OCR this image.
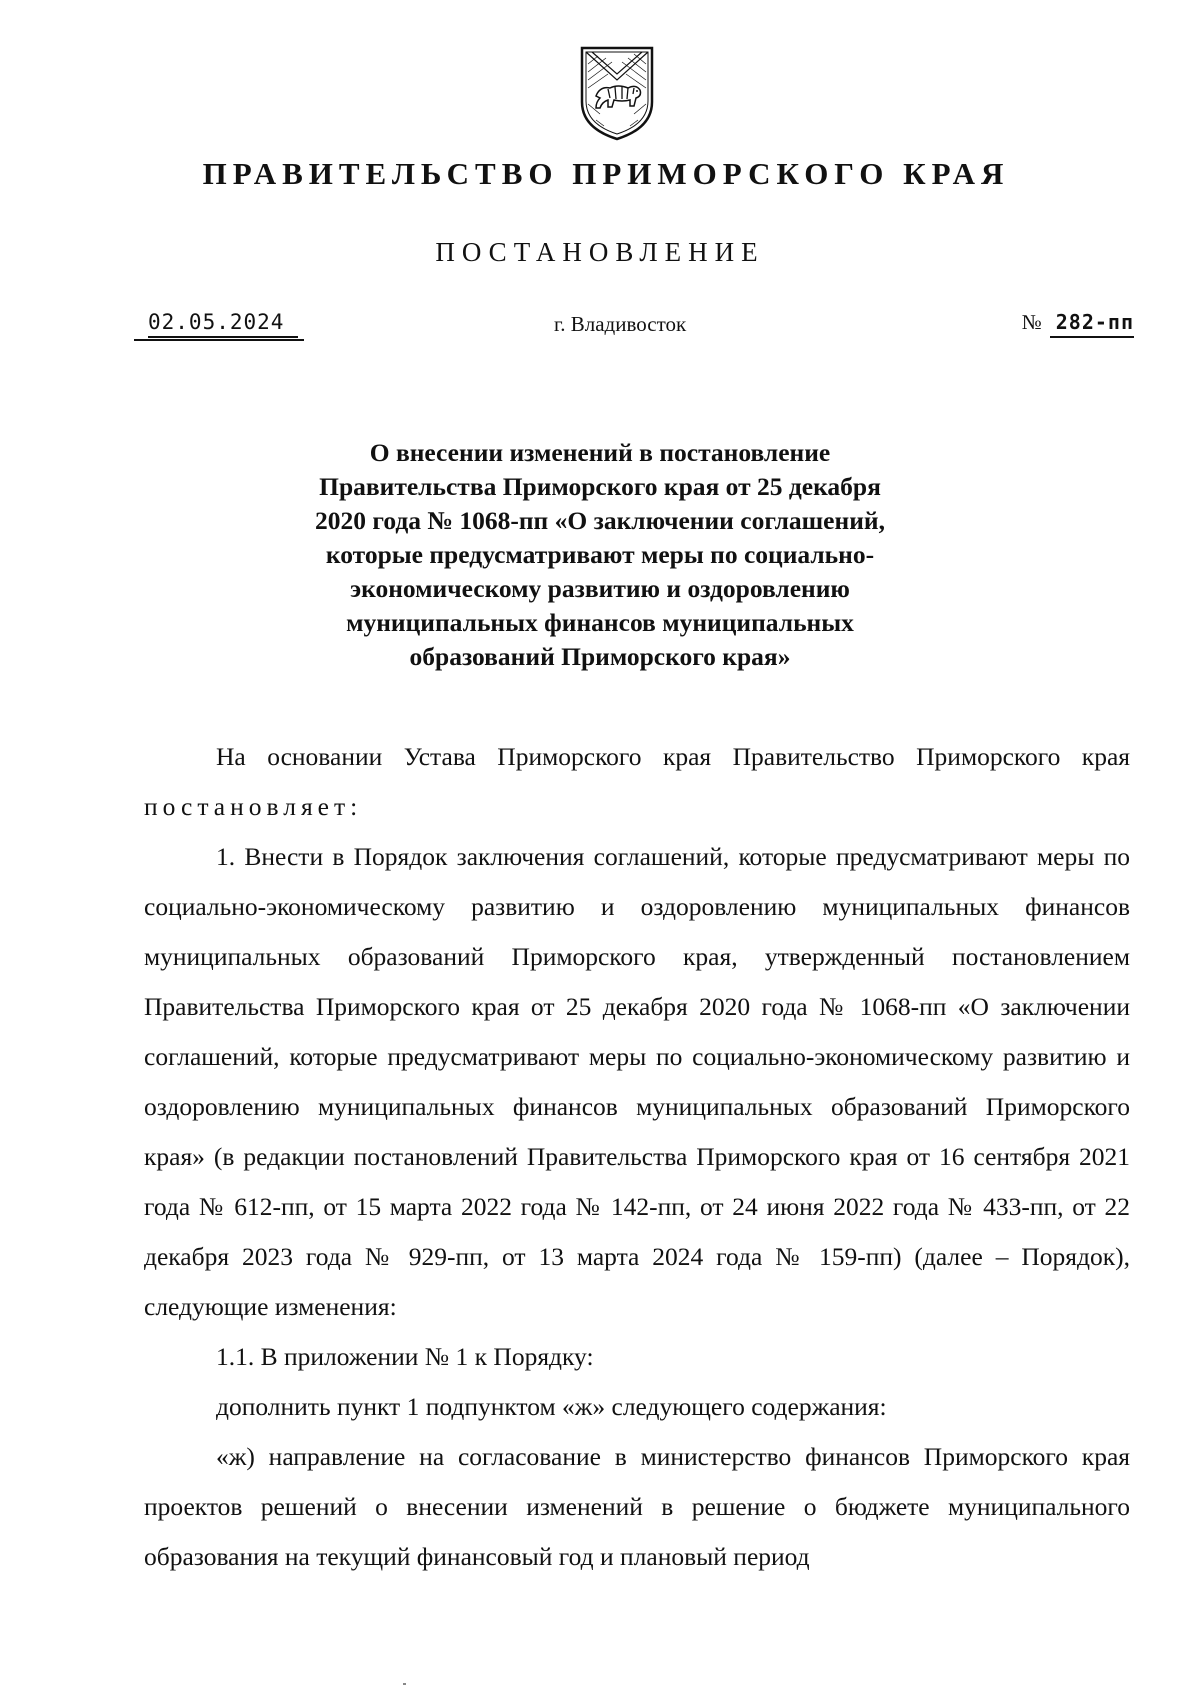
ПРАВИТЕЛЬСТВО ПРИМОРСКОГО КРАЯ
ПОСТАНОВЛЕНИЕ
02.05.2024	г. Владивосток	№ 282-пп
О внесении изменений в постановление
Правительства Приморского края от 25 декабря
2020 года № 1068-пп «О заключении соглашений,
которые предусматривают меры по социально-
экономическому развитию и оздоровлению
муниципальных финансов муниципальных
образований Приморского края»

На основании Устава Приморского края Правительство Приморского края постановляет:

1. Внести в Порядок заключения соглашений, которые предусматривают меры по социально-экономическому развитию и оздоровлению муниципальных финансов муниципальных образований Приморского края, утвержденный постановлением Правительства Приморского края от 25 декабря 2020 года № 1068-пп «О заключении соглашений, которые предусматривают меры по социально-экономическому развитию и оздоровлению муниципальных финансов муниципальных образований Приморского края» (в редакции постановлений Правительства Приморского края от 16 сентября 2021 года № 612-пп, от 15 марта 2022 года № 142-пп, от 24 июня 2022 года № 433-пп, от 22 декабря 2023 года № 929-пп, от 13 марта 2024 года № 159-пп) (далее – Порядок), следующие изменения:

1.1. В приложении № 1 к Порядку:

дополнить пункт 1 подпунктом «ж» следующего содержания:

«ж) направление на согласование в министерство финансов Приморского края проектов решений о внесении изменений в решение о бюджете муниципального образования на текущий финансовый год и плановый период
